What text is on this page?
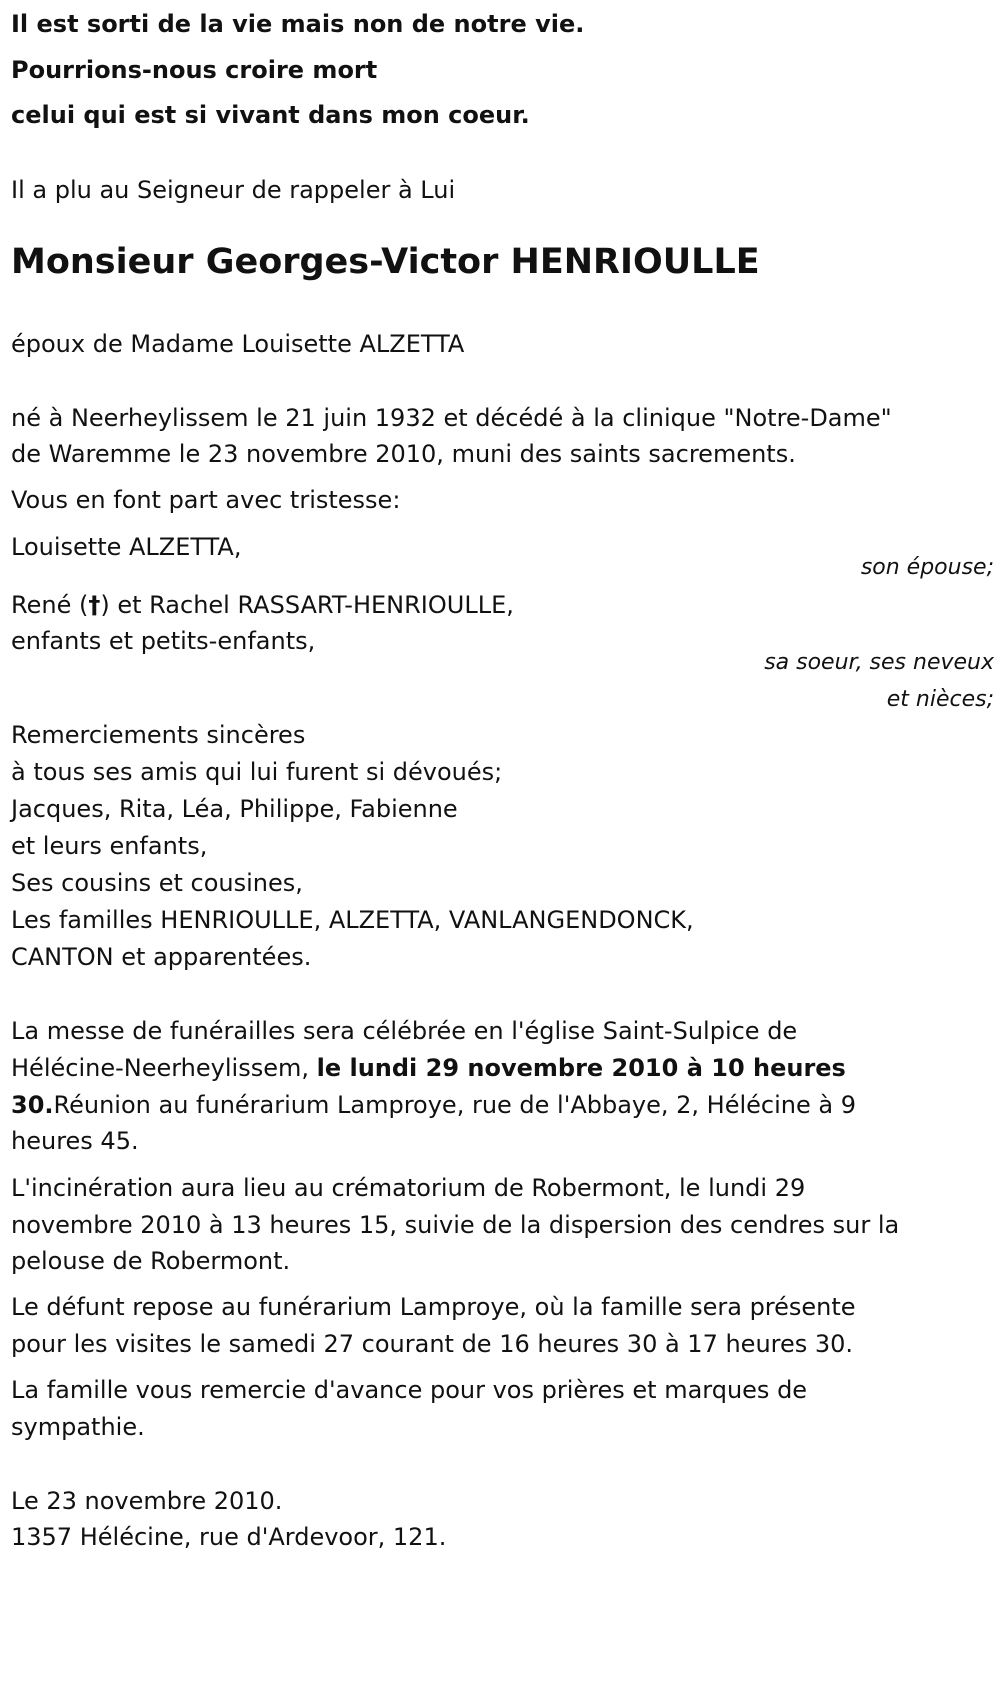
Il est sorti de la vie mais non de notre vie.
Pourrions-nous croire mort
celui qui est si vivant dans mon coeur.
Il a plu au Seigneur de rappeler à Lui
Monsieur Georges-Victor HENRIOULLE
époux de Madame Louisette ALZETTA
né à Neerheylissem le 21 juin 1932 et décédé à la clinique "Notre-Dame"
de Waremme le 23 novembre 2010, muni des saints sacrements.
Vous en font part avec tristesse:
Louisette ALZETTA,
son épouse;
René (†) et Rachel RASSART-HENRIOULLE,
enfants et petits-enfants,
sa soeur, ses neveux
et nièces;
Remerciements sincères
à tous ses amis qui lui furent si dévoués;
Jacques, Rita, Léa, Philippe, Fabienne
et leurs enfants,
Ses cousins et cousines,
Les familles HENRIOULLE, ALZETTA, VANLANGENDONCK,
CANTON et apparentées.
La messe de funérailles sera célébrée en l'église Saint-Sulpice de
Hélécine-Neerheylissem, le lundi 29 novembre 2010 à 10 heures
30.Réunion au funérarium Lamproye, rue de l'Abbaye, 2, Hélécine à 9
heures 45.
L'incinération aura lieu au crématorium de Robermont, le lundi 29
novembre 2010 à 13 heures 15, suivie de la dispersion des cendres sur la
pelouse de Robermont.
Le défunt repose au funérarium Lamproye, où la famille sera présente
pour les visites le samedi 27 courant de 16 heures 30 à 17 heures 30.
La famille vous remercie d'avance pour vos prières et marques de
sympathie.
Le 23 novembre 2010.
1357 Hélécine, rue d'Ardevoor, 121.
